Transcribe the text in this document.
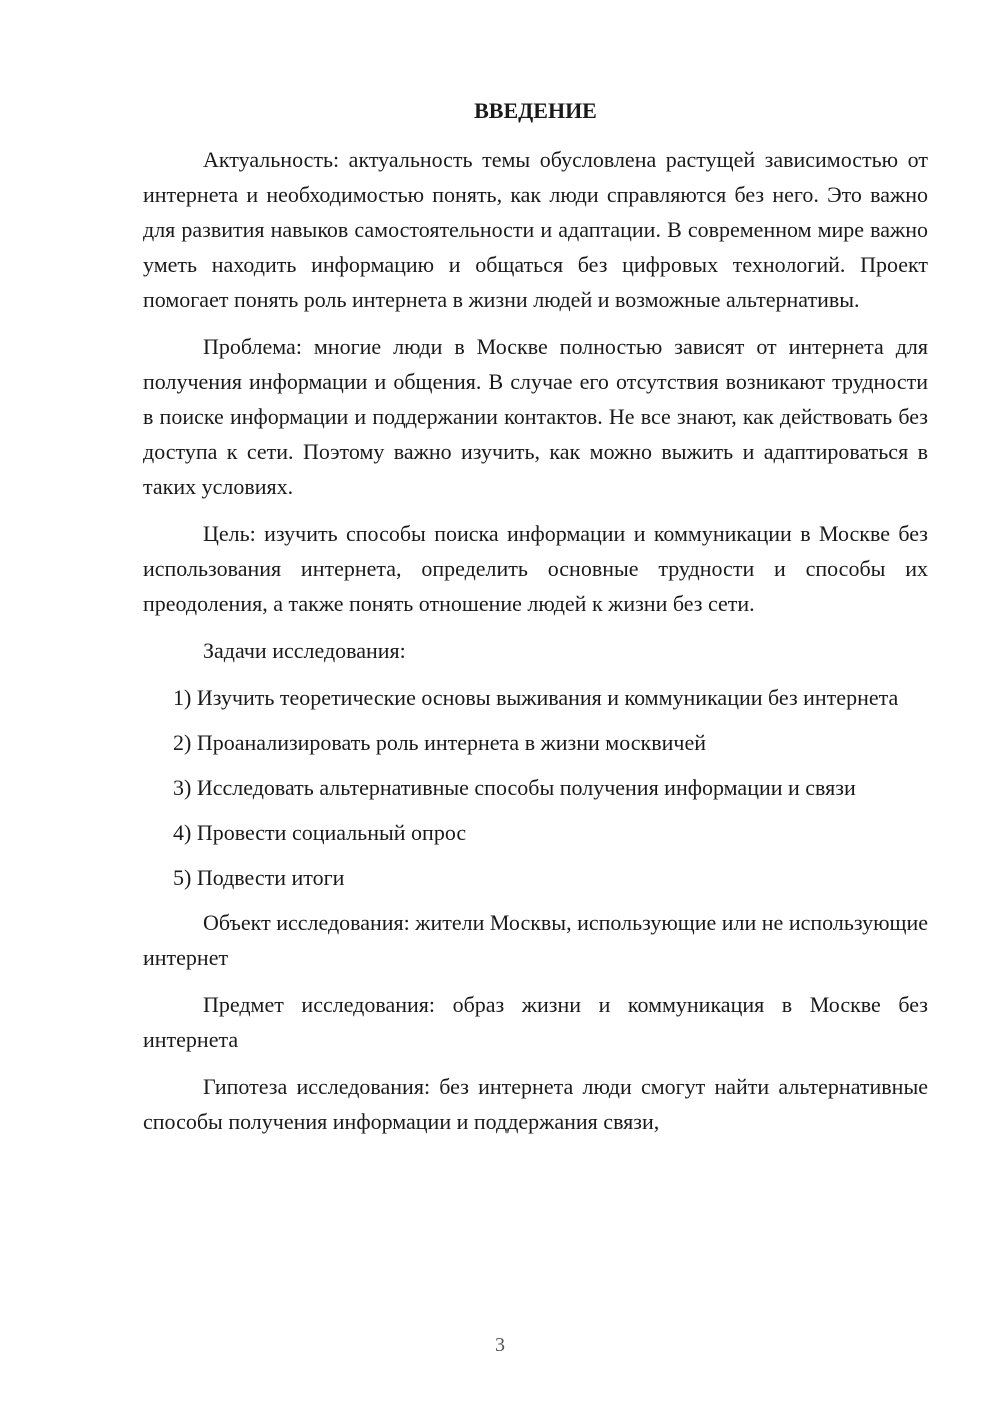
ВВЕДЕНИЕ

Актуальность: актуальность темы обусловлена растущей зависимостью от интернета и необходимостью понять, как люди справляются без него. Это важно для развития навыков самостоятельности и адаптации. В современном мире важно уметь находить информацию и общаться без цифровых технологий. Проект помогает понять роль интернета в жизни людей и возможные альтернативы.

Проблема: многие люди в Москве полностью зависят от интернета для получения информации и общения. В случае его отсутствия возникают трудности в поиске информации и поддержании контактов. Не все знают, как действовать без доступа к сети. Поэтому важно изучить, как можно выжить и адаптироваться в таких условиях.

Цель: изучить способы поиска информации и коммуникации в Москве без использования интернета, определить основные трудности и способы их преодоления, а также понять отношение людей к жизни без сети.

Задачи исследования:

1) Изучить теоретические основы выживания и коммуникации без интернета

2) Проанализировать роль интернета в жизни москвичей

3) Исследовать альтернативные способы получения информации и связи

4) Провести социальный опрос

5) Подвести итоги

Объект исследования: жители Москвы, использующие или не использующие интернет

Предмет исследования: образ жизни и коммуникация в Москве без интернета

Гипотеза исследования: без интернета люди смогут найти альтернативные способы получения информации и поддержания связи,

3
